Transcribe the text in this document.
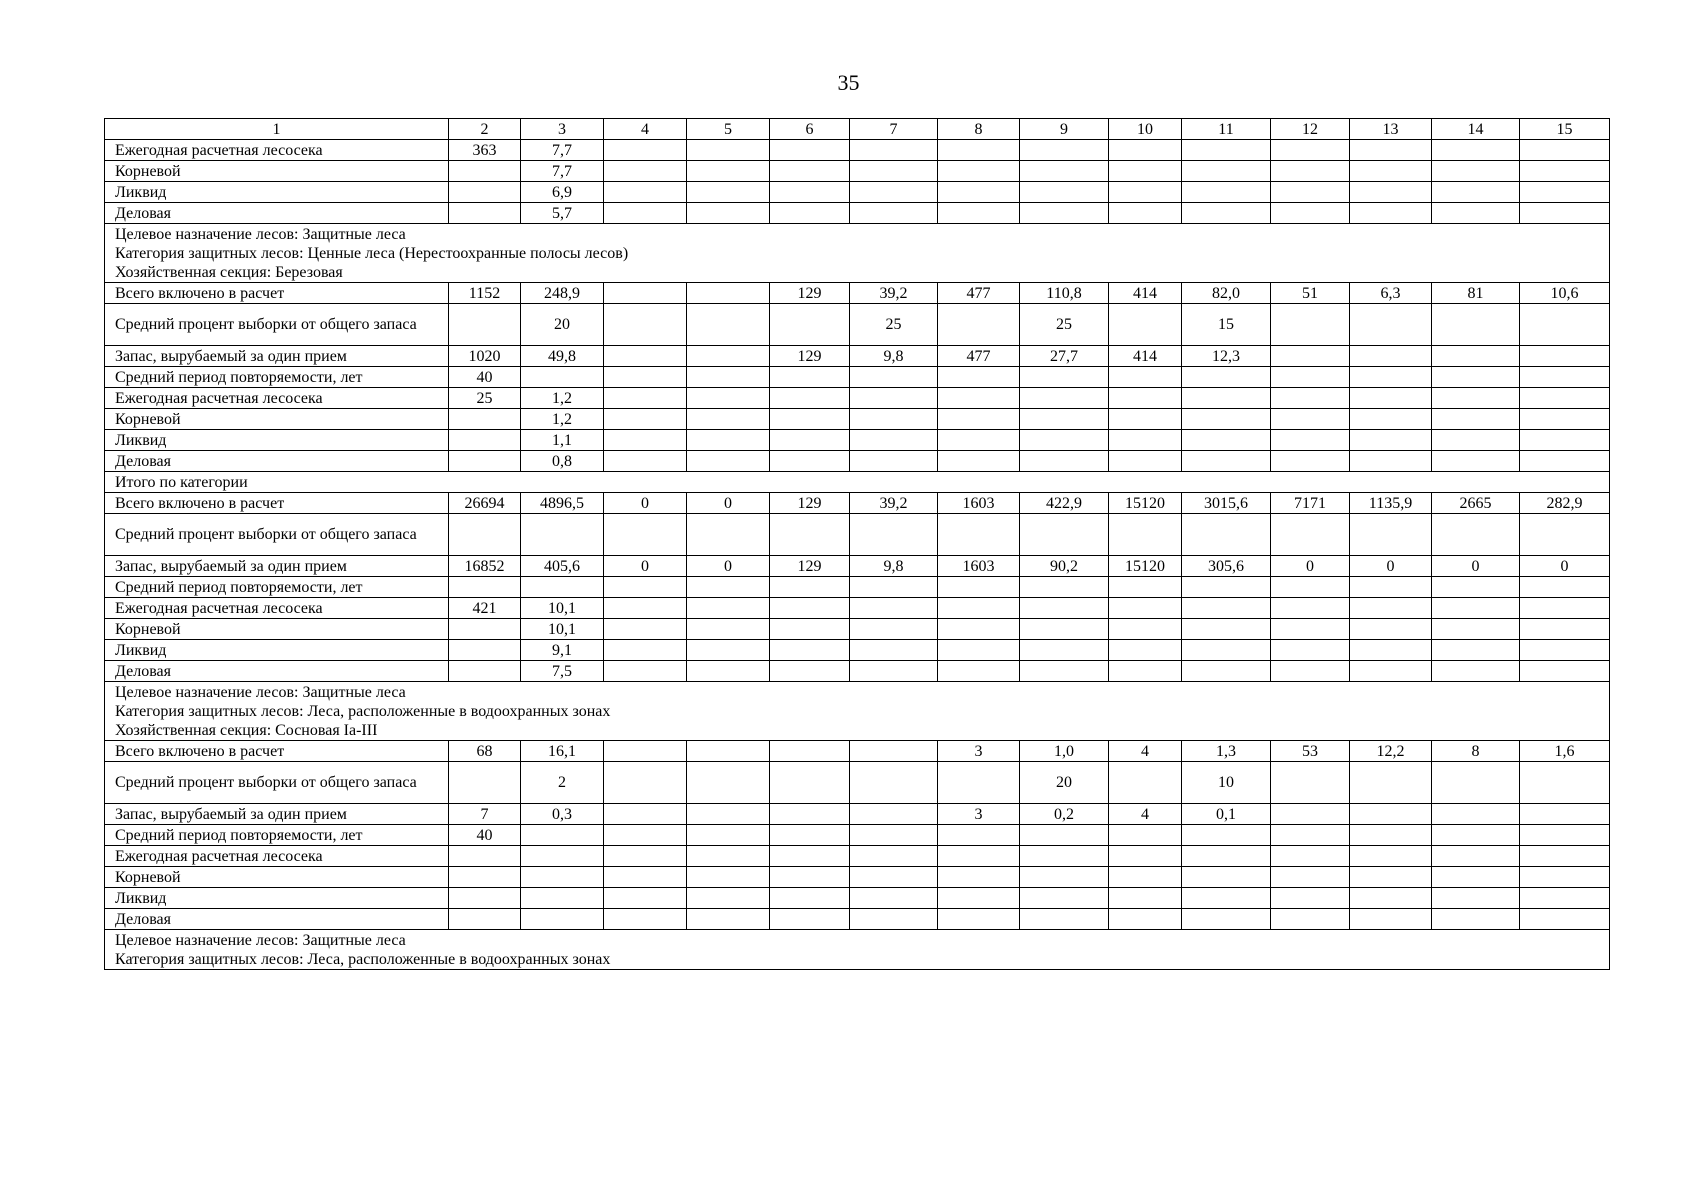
35
1	2	3	4	5	6	7	8	9	10	11	12	13	14	15
Ежегодная расчетная лесосека	363	7,7												
Корневой		7,7												
Ликвид		6,9												
Деловая		5,7												

Целевое назначение лесов: Защитные леса
Категория защитных лесов: Ценные леса (Нерестоохранные полосы лесов)
Хозяйственная секция: Березовая														

Всего включено в расчет	1152	248,9			129	39,2	477	110,8	414	82,0	51	6,3	81	10,6
Средний процент выборки от общего запаса		20				25		25		15				
Запас, вырубаемый за один прием	1020	49,8			129	9,8	477	27,7	414	12,3				
Средний период повторяемости, лет	40													
Ежегодная расчетная лесосека	25	1,2												
Корневой		1,2												
Ликвид		1,1												
Деловая		0,8												

Итого по категории														

Всего включено в расчет	26694	4896,5	0	0	129	39,2	1603	422,9	15120	3015,6	7171	1135,9	2665	282,9
Средний процент выборки от общего запаса														
Запас, вырубаемый за один прием	16852	405,6	0	0	129	9,8	1603	90,2	15120	305,6	0	0	0	0
Средний период повторяемости, лет														
Ежегодная расчетная лесосека	421	10,1												
Корневой		10,1												
Ликвид		9,1												
Деловая		7,5												

Целевое назначение лесов: Защитные леса
Категория защитных лесов: Леса, расположенные в водоохранных зонах
Хозяйственная секция: Сосновая Ia-III														

Всего включено в расчет	68	16,1					3	1,0	4	1,3	53	12,2	8	1,6
Средний процент выборки от общего запаса		2						20		10				
Запас, вырубаемый за один прием	7	0,3					3	0,2	4	0,1				
Средний период повторяемости, лет	40													
Ежегодная расчетная лесосека														
Корневой														
Ликвид														
Деловая														

Целевое назначение лесов: Защитные леса
Категория защитных лесов: Леса, расположенные в водоохранных зонах														
